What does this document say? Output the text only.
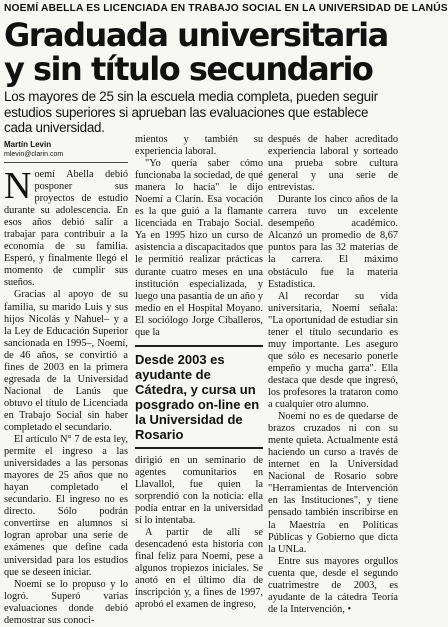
NOEMÍ ABELLA ES LICENCIADA EN TRABAJO SOCIAL EN LA UNIVERSIDAD DE LANÚS
Graduada universitaria y sin título secundario

Los mayores de 25 sin la escuela media completa, pueden seguir estudios superiores si aprueban las evaluaciones que establece cada universidad.

Martín Levin
mlevin@clarin.com

Noemí Abella debió posponer sus proyectos de estudio durante su adolescencia. En esos años debió salir a trabajar para contribuir a la economía de su familia. Esperó, y finalmente llegó el momento de cumplir sus sueños.

Gracias al apoyo de su familia, su marido Luis y sus hijos Nicolás y Nahuel– y a la Ley de Educación Superior sancionada en 1995–, Noemí, de 46 años, se convirtió a fines de 2003 en la primera egresada de la Universidad Nacional de Lanús que obtuvo el título de Licenciada en Trabajo Social sin haber completado el secundario.

El artículo N° 7 de esta ley, permite el ingreso a las universidades a las personas mayores de 25 años que no hayan completado el secundario. El ingreso no es directo. Sólo podrán convertirse en alumnos si logran aprobar una serie de exámenes que define cada universidad para los estudios que se deseen iniciar.

Noemí se lo propuso y lo logró. Superó varias evaluaciones donde debió demostrar sus conoci-

mientos y también su experiencia laboral.

"Yo quería saber cómo funcionaba la sociedad, de qué manera lo hacía" le dijo Noemí a Clarín. Esa vocación es la que guió a la flamante licenciada en Trabajo Social. Ya en 1995 hizo un curso de asistencia a discapacitados que le permitió realizar prácticas durante cuatro meses en una institución especializada, y luego una pasantía de un año y medio en el Hospital Moyano. El sociólogo Jorge Ciballeros, que la

Desde 2003 es ayudante de Cátedra, y cursa un posgrado on-line en la Universidad de Rosario

dirigió en un seminario de agentes comunitarios en Llavallol, fue quien la sorprendió con la noticia: ella podía entrar en la universidad sí lo intentaba.

A partir de allí se desencadenó esta historia con final feliz para Noemí, pese a algunos tropiezos iniciales. Se anotó en el último día de inscripción y, a fines de 1997, aprobó el examen de ingreso,

después de haber acreditado experiencia laboral y sorteado una prueba sobre cultura general y una serie de entrevistas.

Durante los cinco años de la carrera tuvo un excelente desempeño académico. Alcanzó un promedio de 8,67 puntos para las 32 materias de la carrera. El máximo obstáculo fue la materia Estadística.

Al recordar su vida universitaria, Noemí señala: "La oportunidad de estudiar sin tener el título secundario es muy importante. Les aseguro que sólo es necesario ponerle empeño y mucha garra". Ella destaca que desde que ingresó, los profesores la trataron como a cualquier otro alumno.

Noemí no es de quedarse de brazos cruzados ni con su mente quieta. Actualmente está haciendo un curso a través de internet en la Universidad Nacional de Rosario sobre "Herramientas de Intervención en las Instituciones", y tiene pensado también inscribirse en la Maestría en Políticas Públicas y Gobierno que dicta la UNLa.

Entre sus mayores orgullos cuenta que, desde el segundo cuatrimestre de 2003, es ayudante de la cátedra Teoría de la Intervención, •
